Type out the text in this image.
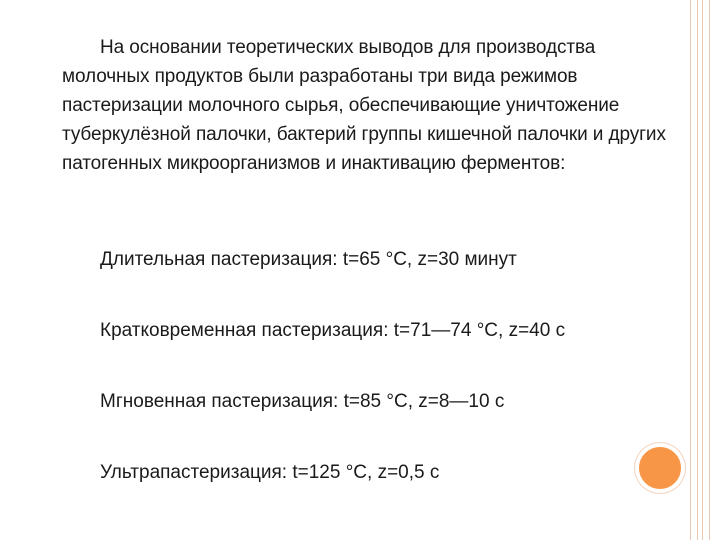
На основании теоретических выводов для производства молочных продуктов были разработаны три вида режимов пастеризации молочного сырья, обеспечивающие уничтожение туберкулёзной палочки, бактерий группы кишечной палочки и других патогенных микроорганизмов и инактивацию ферментов:

Длительная пастеризация: t=65 °C, z=30 минут

Кратковременная пастеризация: t=71—74 °C, z=40 с

Мгновенная пастеризация: t=85 °C, z=8—10 с

Ультрапастеризация: t=125 °C, z=0,5 с
